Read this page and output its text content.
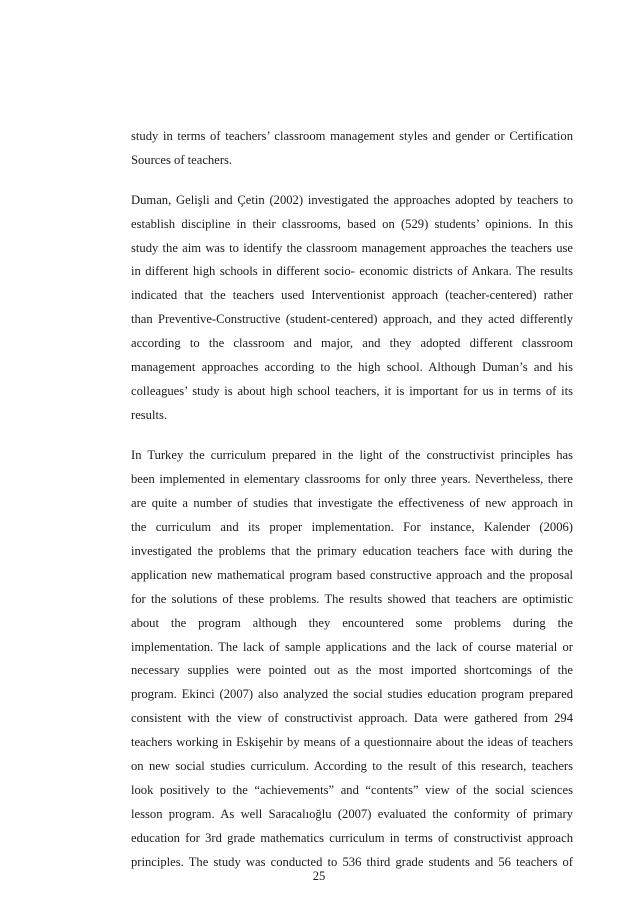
study in terms of teachers’ classroom management styles and gender or Certification
Sources of teachers.
Duman, Gelişli and Çetin (2002) investigated the approaches adopted by teachers to
establish discipline in their classrooms, based on (529) students’ opinions. In this
study the aim was to identify the classroom management approaches the teachers use
in different high schools in different socio- economic districts of Ankara. The results
indicated that the teachers used Interventionist approach (teacher-centered) rather
than Preventive-Constructive (student-centered) approach, and they acted differently
according to the classroom and major, and they adopted different classroom
management approaches according to the high school. Although Duman’s and his
colleagues’ study is about high school teachers, it is important for us in terms of its
results.
In Turkey the curriculum prepared in the light of the constructivist principles has
been implemented in elementary classrooms for only three years. Nevertheless, there
are quite a number of studies that investigate the effectiveness of new approach in
the curriculum and its proper implementation. For instance, Kalender (2006)
investigated the problems that the primary education teachers face with during the
application new mathematical program based constructive approach and the proposal
for the solutions of these problems. The results showed that teachers are optimistic
about the program although they encountered some problems during the
implementation. The lack of sample applications and the lack of course material or
necessary supplies were pointed out as the most imported shortcomings of the
program. Ekinci (2007) also analyzed the social studies education program prepared
consistent with the view of constructivist approach. Data were gathered from 294
teachers working in Eskişehir by means of a questionnaire about the ideas of teachers
on new social studies curriculum. According to the result of this research, teachers
look positively to the “achievements” and “contents” view of the social sciences
lesson program. As well Saracalıoğlu (2007) evaluated the conformity of primary
education for 3rd grade mathematics curriculum in terms of constructivist approach
principles. The study was conducted to 536 third grade students and 56 teachers of
25
